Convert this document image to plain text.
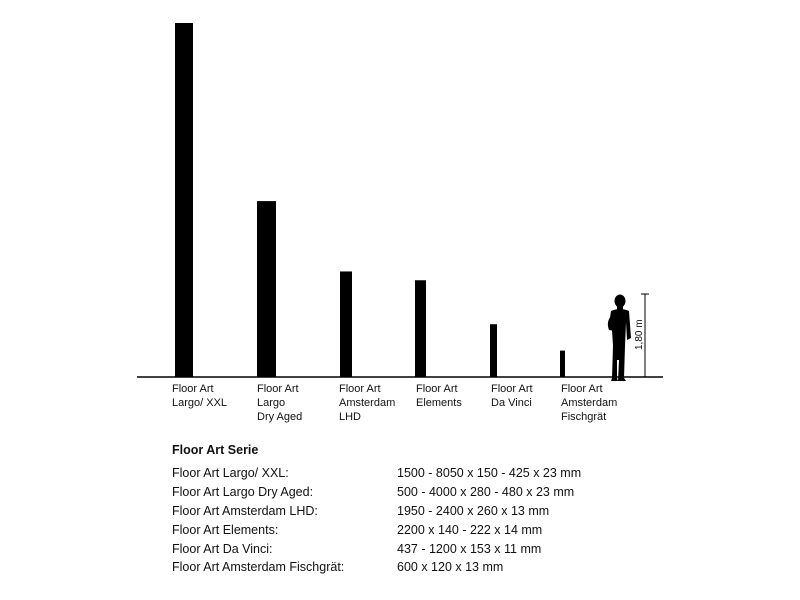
1,80 m
Floor Art
Largo/ XXL
Floor Art
Largo
Dry Aged
Floor Art
Amsterdam
LHD
Floor Art
Elements
Floor Art
Da Vinci
Floor Art
Amsterdam
Fischgrät
Floor Art Serie
Floor Art Largo/ XXL:	1500 - 8050 x 150 - 425 x 23 mm
Floor Art Largo Dry Aged:	500 - 4000 x 280 - 480 x 23 mm
Floor Art Amsterdam LHD:	1950 - 2400 x 260 x 13 mm
Floor Art Elements:	2200 x 140 - 222 x 14 mm
Floor Art Da Vinci:	437 - 1200 x 153 x 11 mm
Floor Art Amsterdam Fischgrät:	600 x 120 x 13 mm
